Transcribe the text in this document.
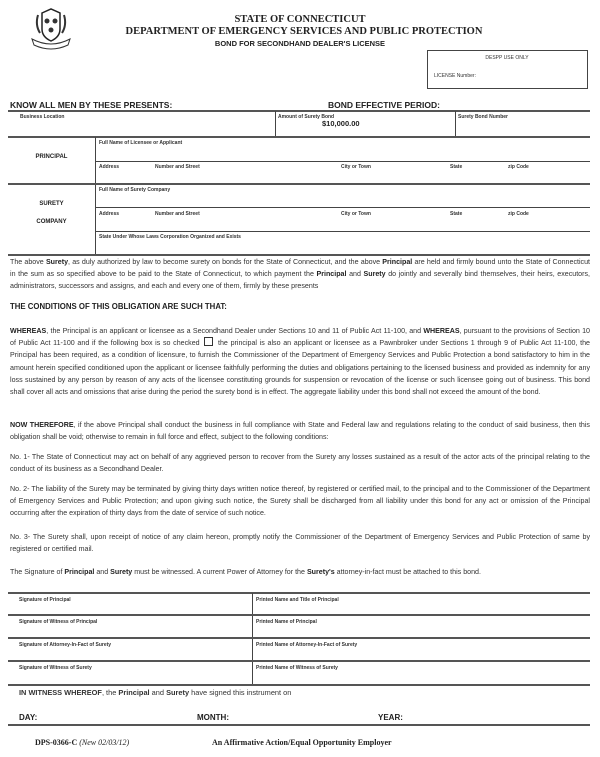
STATE OF CONNECTICUT
DEPARTMENT OF EMERGENCY SERVICES AND PUBLIC PROTECTION
BOND FOR SECONDHAND DEALER'S LICENSE
DESPP USE ONLY
LICENSE Number:
KNOW ALL MEN BY THESE PRESENTS:	BOND EFFECTIVE PERIOD:
Business Location	Amount of Surety Bond
$10,000.00
Surety Bond Number
PRINCIPAL
Full Name of Licensee or Applicant
Address	Number and Street	City or Town	State	zip Code
SURETY
COMPANY
Full Name of Surety Company
Address	Number and Street	City or Town	State	zip Code
State Under Whose Laws Corporation Organized and Exists
The above Surety, as duly authorized by law to become surety on bonds for the State of Connecticut, and the above Principal are held and firmly bound unto the State of Connecticut in the sum as so specified above to be paid to the State of Connecticut, to which payment the Principal and Surety do jointly and severally bind themselves, their heirs, executors, administrators, successors and assigns, and each and every one of them, firmly by these presents
THE CONDITIONS OF THIS OBLIGATION ARE SUCH THAT:
WHEREAS, the Principal is an applicant or licensee as a Secondhand Dealer under Sections 10 and 11 of Public Act 11-100, and WHEREAS, pursuant to the provisions of Section 10 of Public Act 11-100 and if the following box is so checked	the principal is also an applicant or licensee as a Pawnbroker under Sections 1 through 9 of Public Act 11-100, the Principal has been required, as a condition of licensure, to furnish the Commissioner of the Department of Emergency Services and Public Protection a bond satisfactory to him in the amount herein specified conditioned upon the applicant or licensee faithfully performing the duties and obligations pertaining to the licensed business and provided as indemnity for any loss sustained by any person by reason of any acts of the licensee constituting grounds for suspension or revocation of the license or such licensee going out of business. This bond shall cover all acts and omissions that arise during the period the surety bond is in effect. The aggregate liability under this bond shall not exceed the amount of the bond.
NOW THEREFORE, if the above Principal shall conduct the business in full compliance with State and Federal law and regulations relating to the conduct of said business, then this obligation shall be void; otherwise to remain in full force and effect, subject to the following conditions:
No. 1- The State of Connecticut may act on behalf of any aggrieved person to recover from the Surety any losses sustained as a result of the actor acts of the principal relating to the conduct of its business as a Secondhand Dealer.
No. 2- The liability of the Surety may be terminated by giving thirty days written notice thereof, by registered or certified mail, to the principal and to the Commissioner of the Department of Emergency Services and Public Protection; and upon giving such notice, the Surety shall be discharged from all liability under this bond for any act or omission of the Principal occurring after the expiration of thirty days from the date of service of such notice.
No. 3- The Surety shall, upon receipt of notice of any claim hereon, promptly notify the Commissioner of the Department of Emergency Services and Public Protection of same by registered or certified mail.
The Signature of Principal and Surety must be witnessed. A current Power of Attorney for the Surety's attorney-in-fact must be attached to this bond.
Signature of Principal	Printed Name and Title of Principal
Signature of Witness of Principal	Printed Name of Principal
Signature of Attorney-In-Fact of Surety	Printed Name of Attorney-In-Fact of Surety
Signature of Witness of Surety	Printed Name of Witness of Surety
IN WITNESS WHEREOF, the Principal and Surety have signed this instrument on
DAY:	MONTH:	YEAR:
DPS-0366-C (New 02/03/12)	An Affirmative Action/Equal Opportunity Employer
